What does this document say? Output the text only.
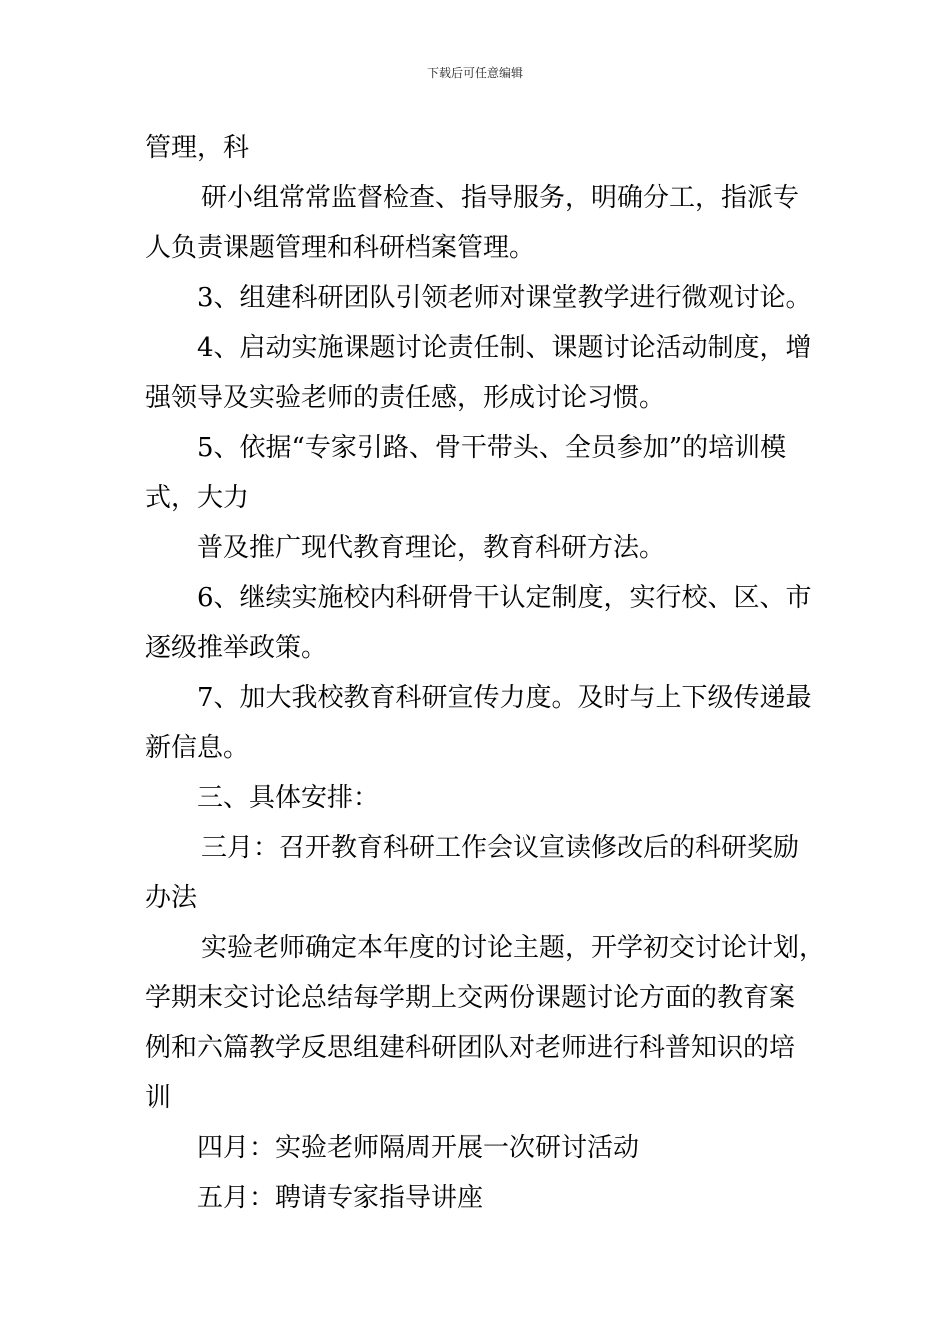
下载后可任意编辑
管理，科
研小组常常监督检查、指导服务，明确分工，指派专
人负责课题管理和科研档案管理。
3、组建科研团队引领老师对课堂教学进行微观讨论。
4、启动实施课题讨论责任制、课题讨论活动制度，增
强领导及实验老师的责任感，形成讨论习惯。
5、依据“专家引路、骨干带头、全员参加”的培训模
式，大力
普及推广现代教育理论，教育科研方法。
6、继续实施校内科研骨干认定制度，实行校、区、市
逐级推举政策。
7、加大我校教育科研宣传力度。及时与上下级传递最
新信息。
三、具体安排：
三月：召开教育科研工作会议宣读修改后的科研奖励
办法
实验老师确定本年度的讨论主题，开学初交讨论计划，
学期末交讨论总结每学期上交两份课题讨论方面的教育案
例和六篇教学反思组建科研团队对老师进行科普知识的培
训
四月：实验老师隔周开展一次研讨活动
五月：聘请专家指导讲座
